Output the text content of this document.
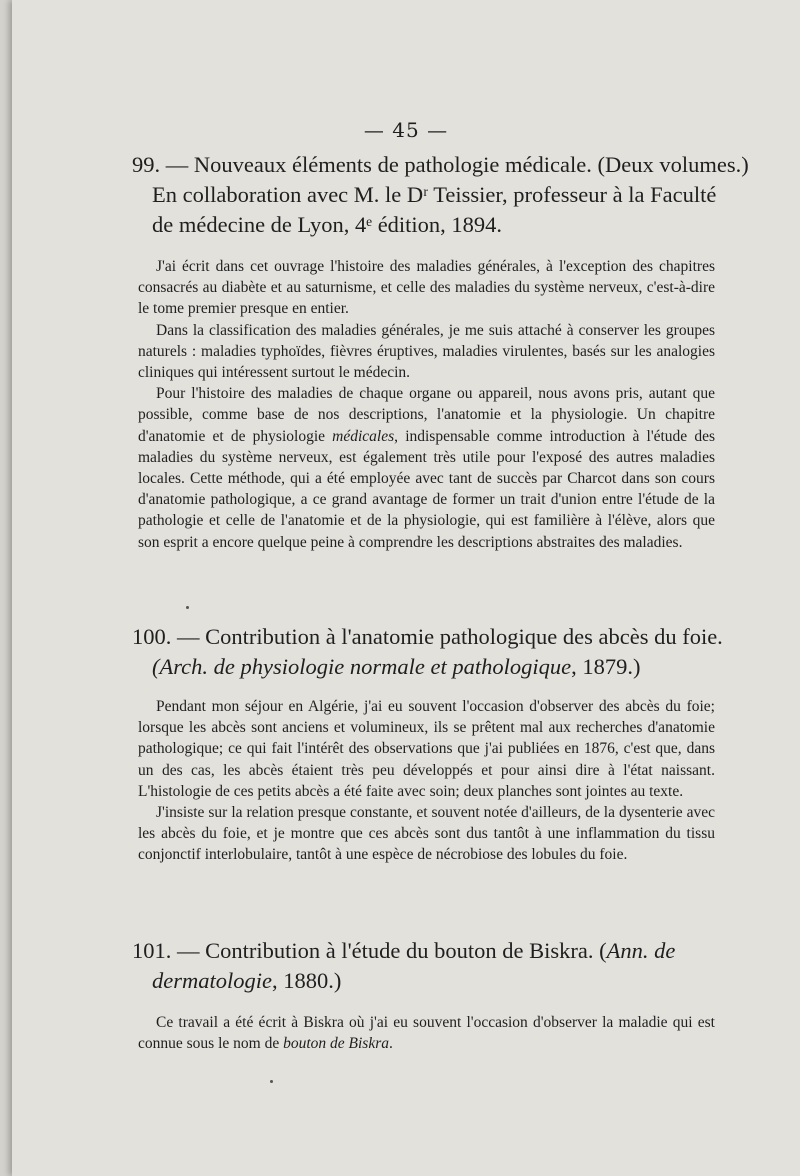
— 45 —
99. — Nouveaux éléments de pathologie médicale. (Deux volumes.)
En collaboration avec M. le Dʳ Teissier, professeur à la Faculté
de médecine de Lyon, 4ᵉ édition, 1894.

J'ai écrit dans cet ouvrage l'histoire des maladies générales, à l'exception des chapitres consacrés au diabète et au saturnisme, et celle des maladies du système nerveux, c'est-à-dire le tome premier presque en entier.

Dans la classification des maladies générales, je me suis attaché à conserver les groupes naturels : maladies typhoïdes, fièvres éruptives, maladies virulentes, basés sur les analogies cliniques qui intéressent surtout le médecin.

Pour l'histoire des maladies de chaque organe ou appareil, nous avons pris, autant que possible, comme base de nos descriptions, l'anatomie et la physiologie. Un chapitre d'anatomie et de physiologie médicales, indispensable comme introduction à l'étude des maladies du système nerveux, est également très utile pour l'exposé des autres maladies locales. Cette méthode, qui a été employée avec tant de succès par Charcot dans son cours d'anatomie pathologique, a ce grand avantage de former un trait d'union entre l'étude de la pathologie et celle de l'anatomie et de la physiologie, qui est familière à l'élève, alors que son esprit a encore quelque peine à comprendre les descriptions abstraites des maladies.

100. — Contribution à l'anatomie pathologique des abcès du foie.
(Arch. de physiologie normale et pathologique, 1879.)

Pendant mon séjour en Algérie, j'ai eu souvent l'occasion d'observer des abcès du foie; lorsque les abcès sont anciens et volumineux, ils se prêtent mal aux recherches d'anatomie pathologique; ce qui fait l'intérêt des observations que j'ai publiées en 1876, c'est que, dans un des cas, les abcès étaient très peu développés et pour ainsi dire à l'état naissant. L'histologie de ces petits abcès a été faite avec soin; deux planches sont jointes au texte.

J'insiste sur la relation presque constante, et souvent notée d'ailleurs, de la dysenterie avec les abcès du foie, et je montre que ces abcès sont dus tantôt à une inflammation du tissu conjonctif interlobulaire, tantôt à une espèce de nécrobiose des lobules du foie.

101. — Contribution à l'étude du bouton de Biskra. (Ann. de
dermatologie, 1880.)

Ce travail a été écrit à Biskra où j'ai eu souvent l'occasion d'observer la maladie qui est connue sous le nom de bouton de Biskra.
